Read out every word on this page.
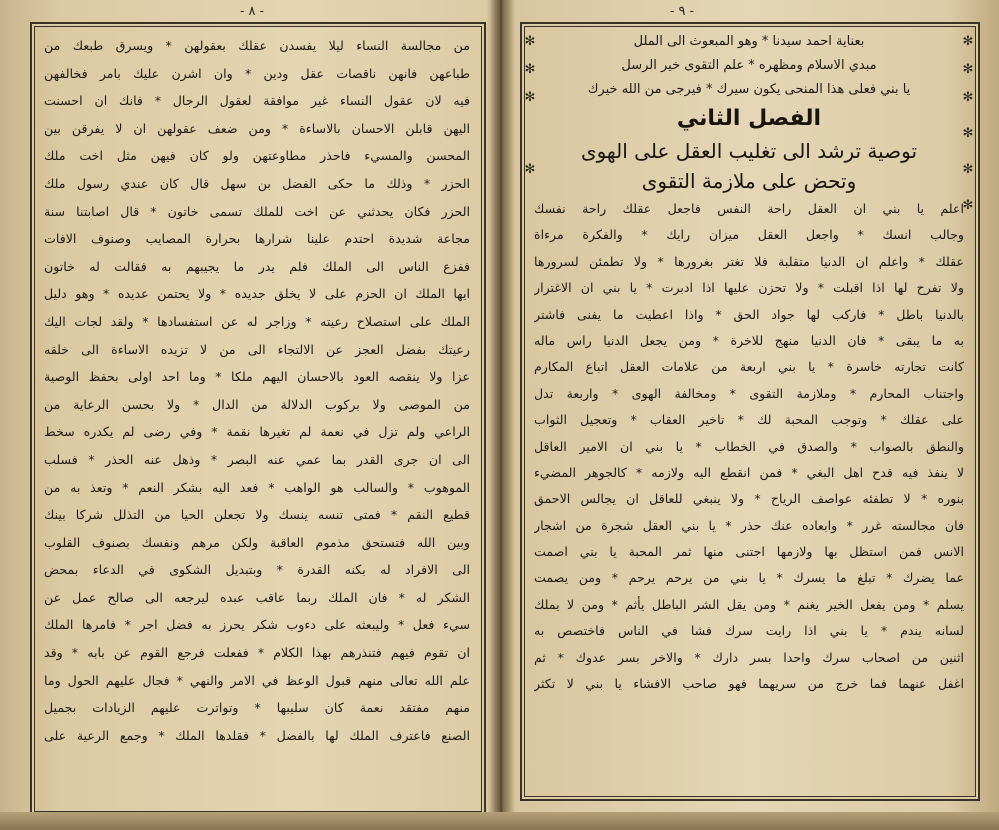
- ٨ -
من مجالسة النساء ليلا يفسدن عقلك بعقولهن * ويسرق طبعك من
طباعهن فانهن ناقصات عقل ودين * وان اشرن عليك بامر فخالفهن
فيه لان عقول النساء غير موافقة لعقول الرجال * فانك ان احسنت
اليهن قابلن الاحسان بالاساءة * ومن ضعف عقولهن ان لا يفرقن بين
المحسن والمسيء فاحذر مطاوعتهن ولو كان فيهن مثل اخت ملك
الحزر * وذلك ما حكى الفضل بن سهل قال كان عندي رسول ملك
الحزر فكان يحدثني عن اخت للملك تسمى خاتون * قال اصابتنا سنة
مجاعة شديدة احتدم علينا شرارها بحرارة المصايب وصنوف الافات
ففزع الناس الى الملك فلم يدر ما يجيبهم به فقالت له خاتون
ايها الملك ان الحزم على لا يخلق جديده * ولا يحتمن عديده * وهو دليل
الملك على استصلاح رعيته * وزاجر له عن استفسادها * ولقد لجات اليك
رعيتك بفضل العجز عن الالتجاء الى من لا تزيده الاساءة الى خلقه
عزا ولا ينقصه العود بالاحسان اليهم ملكا * وما احد اولى بحفظ الوصية
من الموصى ولا بركوب الدلالة من الدال * ولا بحسن الرعاية من
الراعي ولم تزل في نعمة لم تغيرها نقمة * وفي رضى لم يكدره سخط
الى ان جرى القدر بما عمي عنه البصر * وذهل عنه الحذر * فسلب
الموهوب * والسالب هو الواهب * فعد اليه بشكر النعم * وتعذ به من
قطيع النقم * فمتى تنسه ينسك ولا تجعلن الحيا من التذلل شركا بينك
وبين الله فتستحق مذموم العاقبة ولكن مرهم ونفسك بصنوف القلوب
الى الافراد له بكنه القدرة * وبتبديل الشكوى في الدعاء بمحض
الشكر له * فان الملك ربما عاقب عبده ليرجعه الى صالح عمل عن
سيء فعل * وليبعثه على دءوب شكر يحرز به فضل اجر * فامرها الملك
ان تقوم فيهم فتنذرهم بهذا الكلام * ففعلت فرجع القوم عن بابه * وقد
علم الله تعالى منهم قبول الوعظ في الامر والنهي * فجال عليهم الحول وما
منهم مفتقد نعمة كان سليبها * وتواترت عليهم الزيادات بجميل
الصنع فاعترف الملك لها بالفضل * فقلدها الملك * وجمع الرعية على
- ٩ -
✻
✻
✻
✻
✻
✻
✻
✻
✻
✻
بعناية احمد سيدنا * وهو المبعوث الى الملل
مبدي الاسلام ومظهره * علم التقوى خير الرسل
يا بني فعلى هذا المنحى يكون سيرك * فيرجى من الله خيرك
الفصل الثاني
توصية ترشد الى تغليب العقل على الهوى
وتحض على ملازمة التقوى
اعلم يا بني ان العقل راحة النفس فاجعل عقلك راحة نفسك
وجالب انسك * واجعل العقل ميزان رايك * والفكرة مرءاة
عقلك * واعلم ان الدنيا متقلبة فلا تغتر بغرورها * ولا تطمئن لسرورها
ولا تفرح لها اذا اقبلت * ولا تحزن عليها اذا ادبرت * يا بني ان الاغترار
بالدنيا باطل * فاركب لها جواد الحق * واذا اعطيت ما يفنى فاشتر
به ما يبقى * فان الدنيا منهج للاخرة * ومن يجعل الدنيا راس ماله
كانت تجارته خاسرة * يا بني اربعة من علامات العقل اتباع المكارم
واجتناب المحارم * وملازمة التقوى * ومخالفة الهوى * واربعة تدل
على عقلك * وتوجب المحبة لك * تاخير العقاب * وتعجيل الثواب
والنطق بالصواب * والصدق في الخطاب * يا بني ان الامير العاقل
لا ينفذ فيه قدح اهل البغي * فمن انقطع اليه ولازمه * كالجوهر المضيء
بنوره * لا تطفئه عواصف الرياح * ولا ينبغي للعاقل ان يجالس الاحمق
فان مجالسته غرر * وابعاده عنك حذر * يا بني العقل شجرة من اشجار
الانس فمن استظل بها ولازمها اجتنى منها ثمر المحبة يا بني اصمت
عما يضرك * تبلغ ما يسرك * يا بني من يرحم يرحم * ومن يصمت
يسلم * ومن يفعل الخير يغنم * ومن يقل الشر الباطل يأثم * ومن لا يملك
لسانه يندم * يا بني اذا رايت سرك فشا في الناس فاختصص به
اثنين من اصحاب سرك واحدا بسر دارك * والاخر بسر عدوك * ثم
اغفل عنهما فما خرج من سريهما فهو صاحب الافشاء يا بني لا تكثر
